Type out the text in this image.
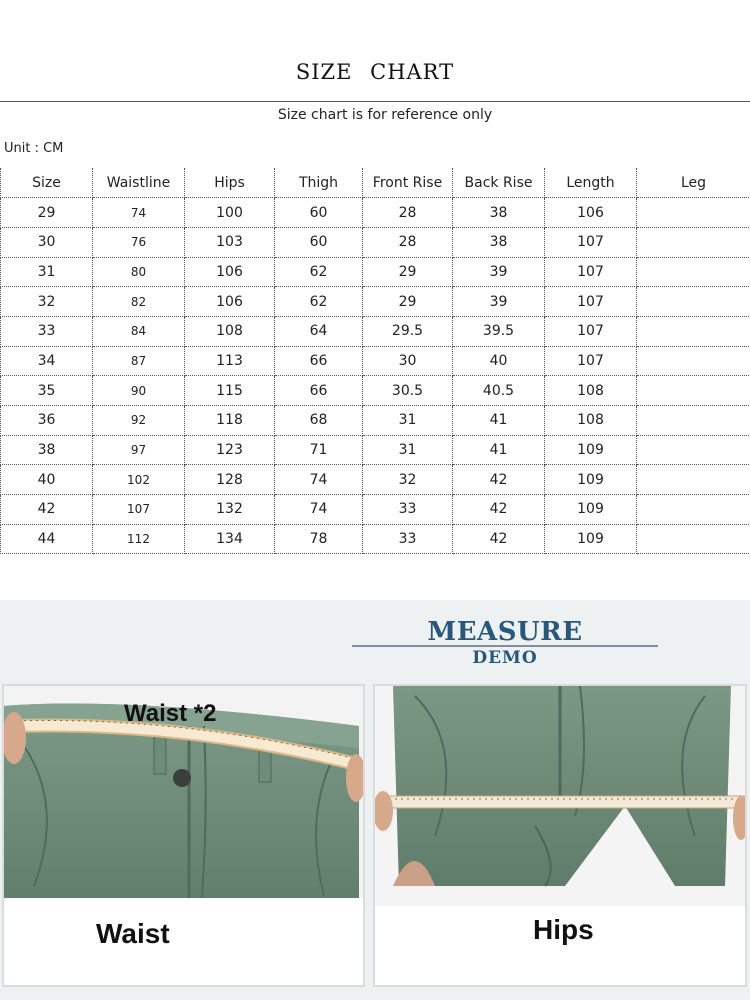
SIZE CHART
Size chart is for reference only
Unit : CM
Size	Waistline	Hips	Thigh	Front Rise	Back Rise	Length	Leg
29	74	100	60	28	38	106	
30	76	103	60	28	38	107	
31	80	106	62	29	39	107	
32	82	106	62	29	39	107	
33	84	108	64	29.5	39.5	107	
34	87	113	66	30	40	107	
35	90	115	66	30.5	40.5	108	
36	92	118	68	31	41	108	
38	97	123	71	31	41	109	
40	102	128	74	32	42	109	
42	107	132	74	33	42	109	
44	112	134	78	33	42	109	
MEASURE
DEMO
Waist *2
Waist	Hips
